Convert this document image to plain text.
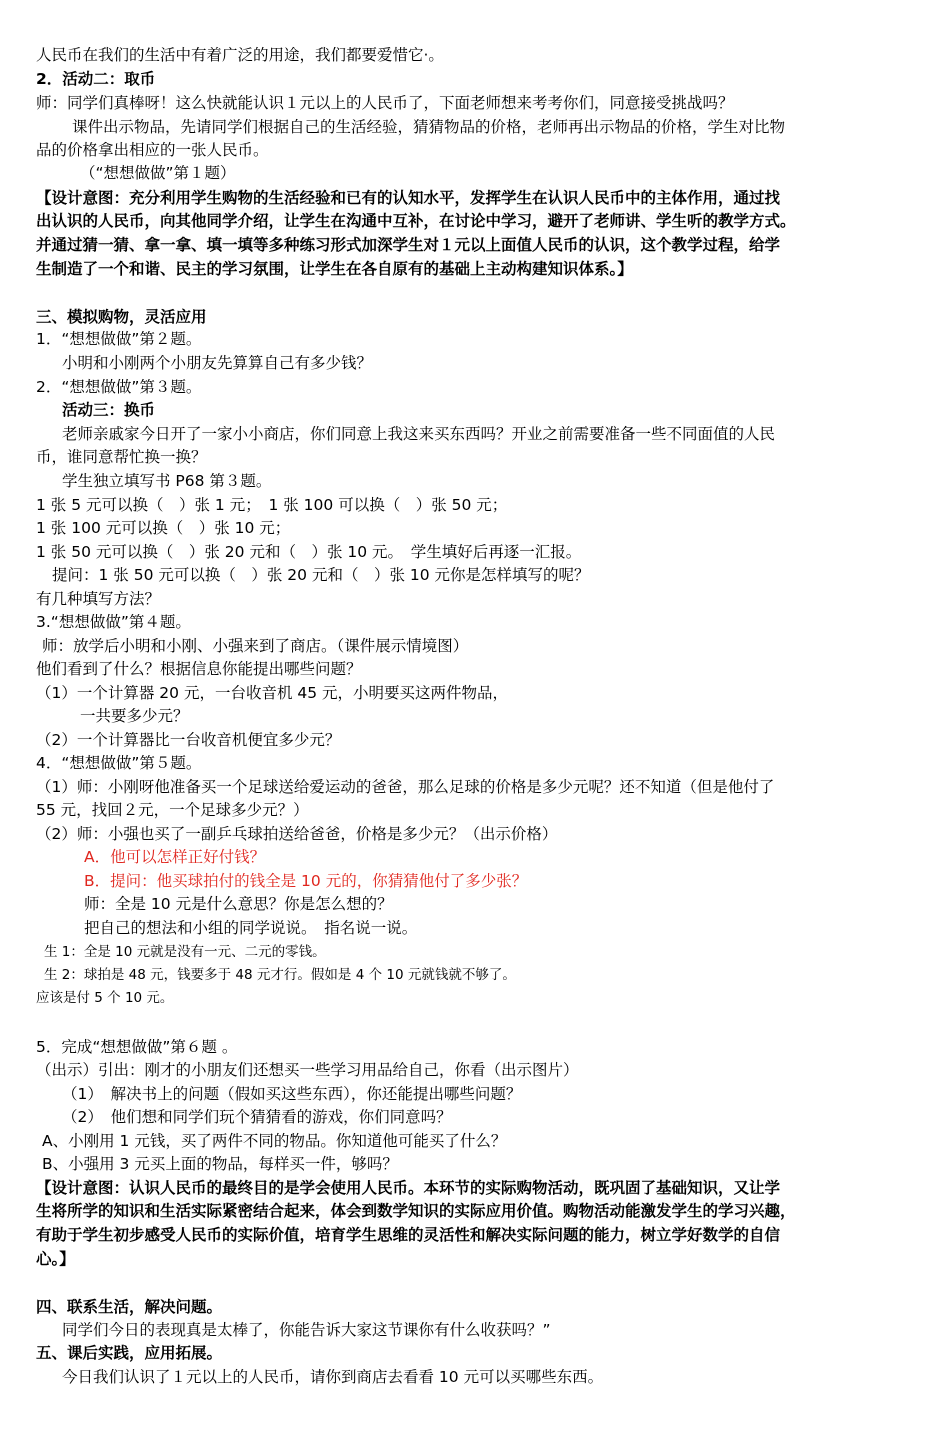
人民币在我们的生活中有着广泛的用途，我们都要爱惜它·。
2．活动二：取币
师：同学们真棒呀！这么快就能认识１元以上的人民币了，下面老师想来考考你们，同意接受挑战吗？
课件出示物品，先请同学们根据自己的生活经验，猜猜物品的价格，老师再出示物品的价格，学生对比物
品的价格拿出相应的一张人民币。
（“想想做做”第１题）
【设计意图：充分利用学生购物的生活经验和已有的认知水平，发挥学生在认识人民币中的主体作用，通过找
出认识的人民币，向其他同学介绍，让学生在沟通中互补，在讨论中学习，避开了老师讲、学生听的教学方式。
并通过猜一猜、拿一拿、填一填等多种练习形式加深学生对１元以上面值人民币的认识，这个教学过程，给学
生制造了一个和谐、民主的学习氛围，让学生在各自原有的基础上主动构建知识体系。】
三、模拟购物，灵活应用
1．“想想做做”第２题。
小明和小刚两个小朋友先算算自己有多少钱？
2．“想想做做”第３题。
活动三：换币
老师亲戚家今日开了一家小小商店，你们同意上我这来买东西吗？开业之前需要准备一些不同面值的人民
币，谁同意帮忙换一换？
学生独立填写书 P68 第３题。
1 张 5 元可以换（　）张 1 元；　1 张 100 可以换（　）张 50 元；
1 张 100 元可以换（　）张 10 元；
1 张 50 元可以换（　）张 20 元和（　）张 10 元。　学生填好后再逐一汇报。
提问：1 张 50 元可以换（　）张 20 元和（　）张 10 元你是怎样填写的呢？
有几种填写方法？
3.“想想做做”第４题。
师：放学后小明和小刚、小强来到了商店。（课件展示情境图）
他们看到了什么？根据信息你能提出哪些问题？
（1）一个计算器 20 元，一台收音机 45 元，小明要买这两件物品，
一共要多少元？
（2）一个计算器比一台收音机便宜多少元？
4．“想想做做”第５题。
（1）师：小刚呀他准备买一个足球送给爱运动的爸爸，那么足球的价格是多少元呢？还不知道（但是他付了
55 元，找回２元，一个足球多少元？）
（2）师：小强也买了一副乒乓球拍送给爸爸，价格是多少元？（出示价格）
A．他可以怎样正好付钱？
B．提问：他买球拍付的钱全是 10 元的，你猜猜他付了多少张？
师：全是 10 元是什么意思？你是怎么想的？
把自己的想法和小组的同学说说。　指名说一说。
生 1：全是 10 元就是没有一元、二元的零钱。
生 2：球拍是 48 元，钱要多于 48 元才行。假如是 4 个 10 元就钱就不够了。
应该是付 5 个 10 元。
5．完成“想想做做”第６题 。
（出示）引出：刚才的小朋友们还想买一些学习用品给自己，你看（出示图片）
（1）　解决书上的问题（假如买这些东西），你还能提出哪些问题？
（2）　他们想和同学们玩个猜猜看的游戏，你们同意吗？
A、小刚用 1 元钱，买了两件不同的物品。你知道他可能买了什么？
B、小强用 3 元买上面的物品，每样买一件，够吗？
【设计意图：认识人民币的最终目的是学会使用人民币。本环节的实际购物活动，既巩固了基础知识，又让学
生将所学的知识和生活实际紧密结合起来，体会到数学知识的实际应用价值。购物活动能激发学生的学习兴趣，
有助于学生初步感受人民币的实际价值，培育学生思维的灵活性和解决实际问题的能力，树立学好数学的自信
心。】
四、联系生活，解决问题。
同学们今日的表现真是太棒了，你能告诉大家这节课你有什么收获吗？”
五、课后实践，应用拓展。
今日我们认识了１元以上的人民币，请你到商店去看看 10 元可以买哪些东西。
